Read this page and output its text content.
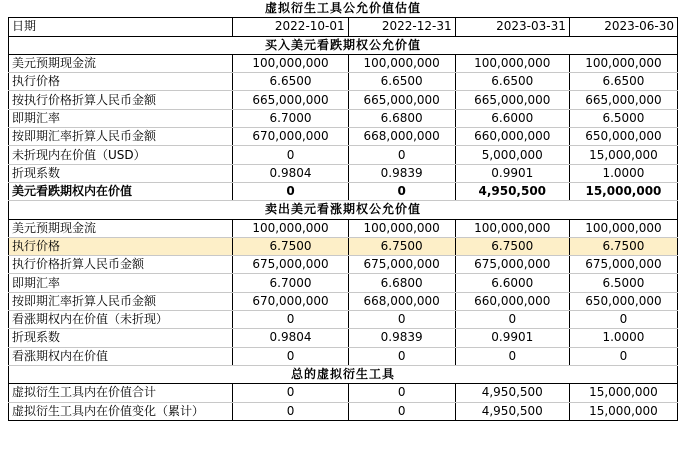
虚拟衍生工具公允价值估值				
日期	2022-10-01	2022-12-31	2023-03-31	2023-06-30
买入美元看跌期权公允价值				
美元预期现金流	100,000,000	100,000,000	100,000,000	100,000,000
执行价格	6.6500	6.6500	6.6500	6.6500
按执行价格折算人民币金额	665,000,000	665,000,000	665,000,000	665,000,000
即期汇率	6.7000	6.6800	6.6000	6.5000
按即期汇率折算人民币金额	670,000,000	668,000,000	660,000,000	650,000,000
未折现内在价值（USD）	0	0	5,000,000	15,000,000
折现系数	0.9804	0.9839	0.9901	1.0000
美元看跌期权内在价值	0	0	4,950,500	15,000,000
卖出美元看涨期权公允价值				
美元预期现金流	100,000,000	100,000,000	100,000,000	100,000,000
执行价格	6.7500	6.7500	6.7500	6.7500
执行价格折算人民币金额	675,000,000	675,000,000	675,000,000	675,000,000
即期汇率	6.7000	6.6800	6.6000	6.5000
按即期汇率折算人民币金额	670,000,000	668,000,000	660,000,000	650,000,000
看涨期权内在价值（未折现）	0	0	0	0
折现系数	0.9804	0.9839	0.9901	1.0000
看涨期权内在价值	0	0	0	0
总的虚拟衍生工具				
虚拟衍生工具内在价值合计	0	0	4,950,500	15,000,000
虚拟衍生工具内在价值变化（累计）	0	0	4,950,500	15,000,000
